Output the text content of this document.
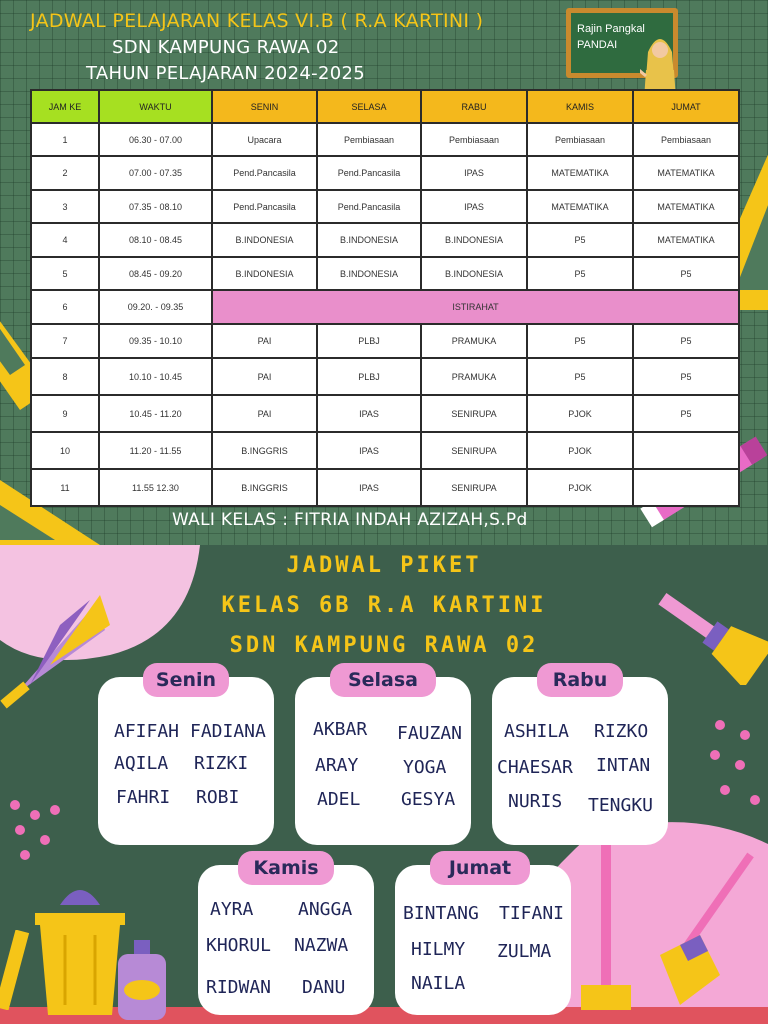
JADWAL PELAJARAN KELAS VI.B ( R.A KARTINI )
SDN KAMPUNG RAWA 02
TAHUN PELAJARAN 2024-2025
Rajin Pangkal
PANDAI
JAM KE	WAKTU	SENIN	SELASA	RABU	KAMIS	JUMAT
1	06.30 - 07.00	Upacara	Pembiasaan	Pembiasaan	Pembiasaan	Pembiasaan
2	07.00 - 07.35	Pend.Pancasila	Pend.Pancasila	IPAS	MATEMATIKA	MATEMATIKA
3	07.35 - 08.10	Pend.Pancasila	Pend.Pancasila	IPAS	MATEMATIKA	MATEMATIKA
4	08.10 - 08.45	B.INDONESIA	B.INDONESIA	B.INDONESIA	P5	MATEMATIKA
5	08.45 - 09.20	B.INDONESIA	B.INDONESIA	B.INDONESIA	P5	P5
6	09.20. - 09.35	ISTIRAHAT				
7	09.35 - 10.10	PAI	PLBJ	PRAMUKA	P5	P5
8	10.10 - 10.45	PAI	PLBJ	PRAMUKA	P5	P5
9	10.45 - 11.20	PAI	IPAS	SENIRUPA	PJOK	P5
10	11.20 - 11.55	B.INGGRIS	IPAS	SENIRUPA	PJOK	
11	11.55 12.30	B.INGGRIS	IPAS	SENIRUPA	PJOK	
WALI KELAS : FITRIA INDAH AZIZAH,S.Pd
JADWAL PIKET
KELAS 6B R.A KARTINI
SDN KAMPUNG RAWA 02
Senin
AFIFAH FADIANA
AQILA RIZKI
FAHRI ROBI
Selasa
AKBAR FAUZAN
ARAY YOGA
ADEL GESYA
Rabu
ASHILA RIZKO
CHAESAR INTAN
NURIS TENGKU
Kamis
AYRA ANGGA
KHORUL NAZWA
RIDWAN DANU
Jumat
BINTANG TIFANI
HILMY ZULMA
NAILA
